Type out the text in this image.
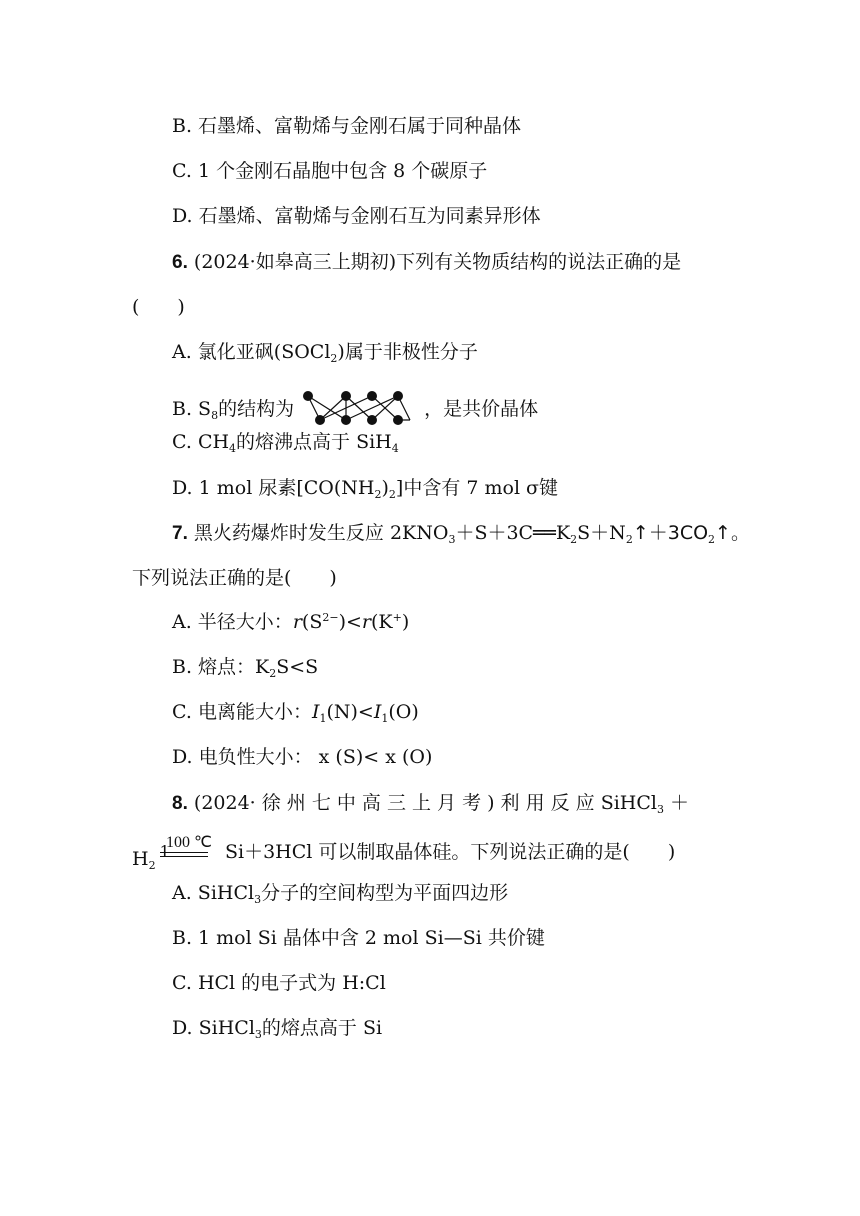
B. 石墨烯、富勒烯与金刚石属于同种晶体
C. 1 个金刚石晶胞中包含 8 个碳原子
D. 石墨烯、富勒烯与金刚石互为同素异形体
6. (2024·如皋高三上期初)下列有关物质结构的说法正确的是
(　　)
A. 氯化亚砜(SOCl$_2$)属于非极性分子
B. $S_8$的结构为	，是共价晶体
C. $CH_4$的熔沸点高于 SiH$_4$
D. 1 mol 尿素$[CO(NH_2)_2]$中含有 7 mol σ键
7. 黑火药爆炸时发生反应 $2KNO_3+S+3C══K_2S+N_2↑+3CO_2↑$。
下列说法正确的是(　　)
A. 半径大小：$r(S^{2-})<r(K^+)$
B. 熔点：$K_2S<S$
C. 电离能大小：$I_1(N)<I_1(O)$
D. 电负性大小： x (S)< x (O)
8. (2024· 徐 州 七 中 高 三 上 月 考 ) 利 用 反 应 SiHCl$_3$ ＋
$H_2^1$
100 ℃ Si＋3HCl 可以制取晶体硅。下列说法正确的是(　　)
A. SiHCl$_3$分子的空间构型为平面四边形
B. 1 mol Si 晶体中含 2 mol Si—Si 共价键
C. HCl 的电子式为 H:Cl
D. SiHCl$_3$的熔点高于 Si
